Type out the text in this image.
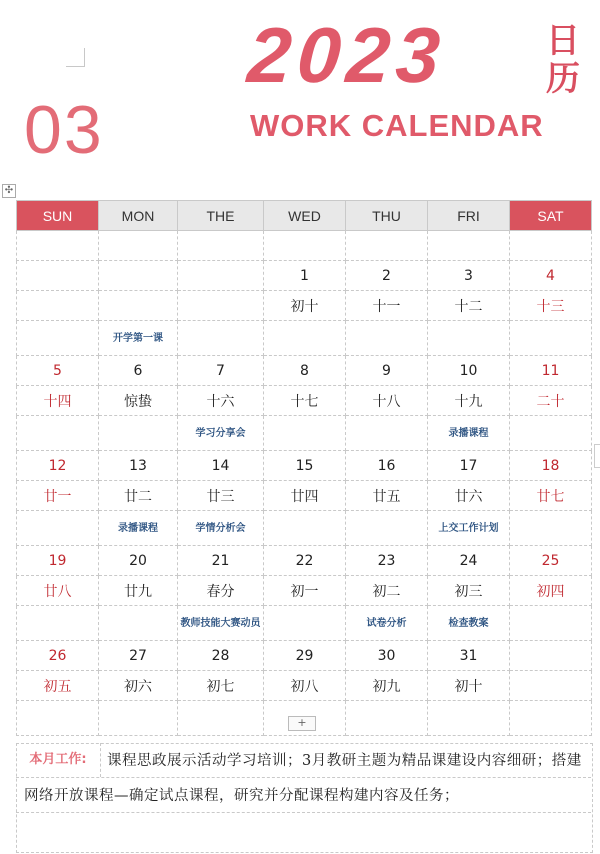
2023	日历
WORK CALENDAR
03
✣
SUN	MON	THE	WED	THU	FRI	SAT

			1	2	3	4
			初十	十一	十二	十三
	开学第一课					
5	6	7	8	9	10	11
十四	惊蛰	十六	十七	十八	十九	二十
		学习分享会			录播课程	
12	13	14	15	16	17	18
廿一	廿二	廿三	廿四	廿五	廿六	廿七
	录播课程	学情分析会			上交工作计划	
19	20	21	22	23	24	25
廿八	廿九	春分	初一	初二	初三	初四
		教师技能大赛动员		试卷分析	检查教案	
26	27	28	29	30	31	
初五	初六	初七	初八	初九	初十	

+
本月工作:	课程思政展示活动学习培训；3月教研主题为精品课建设内容细研；搭建网络开放课程—确定试点课程，研究并分配课程构建内容及任务；
